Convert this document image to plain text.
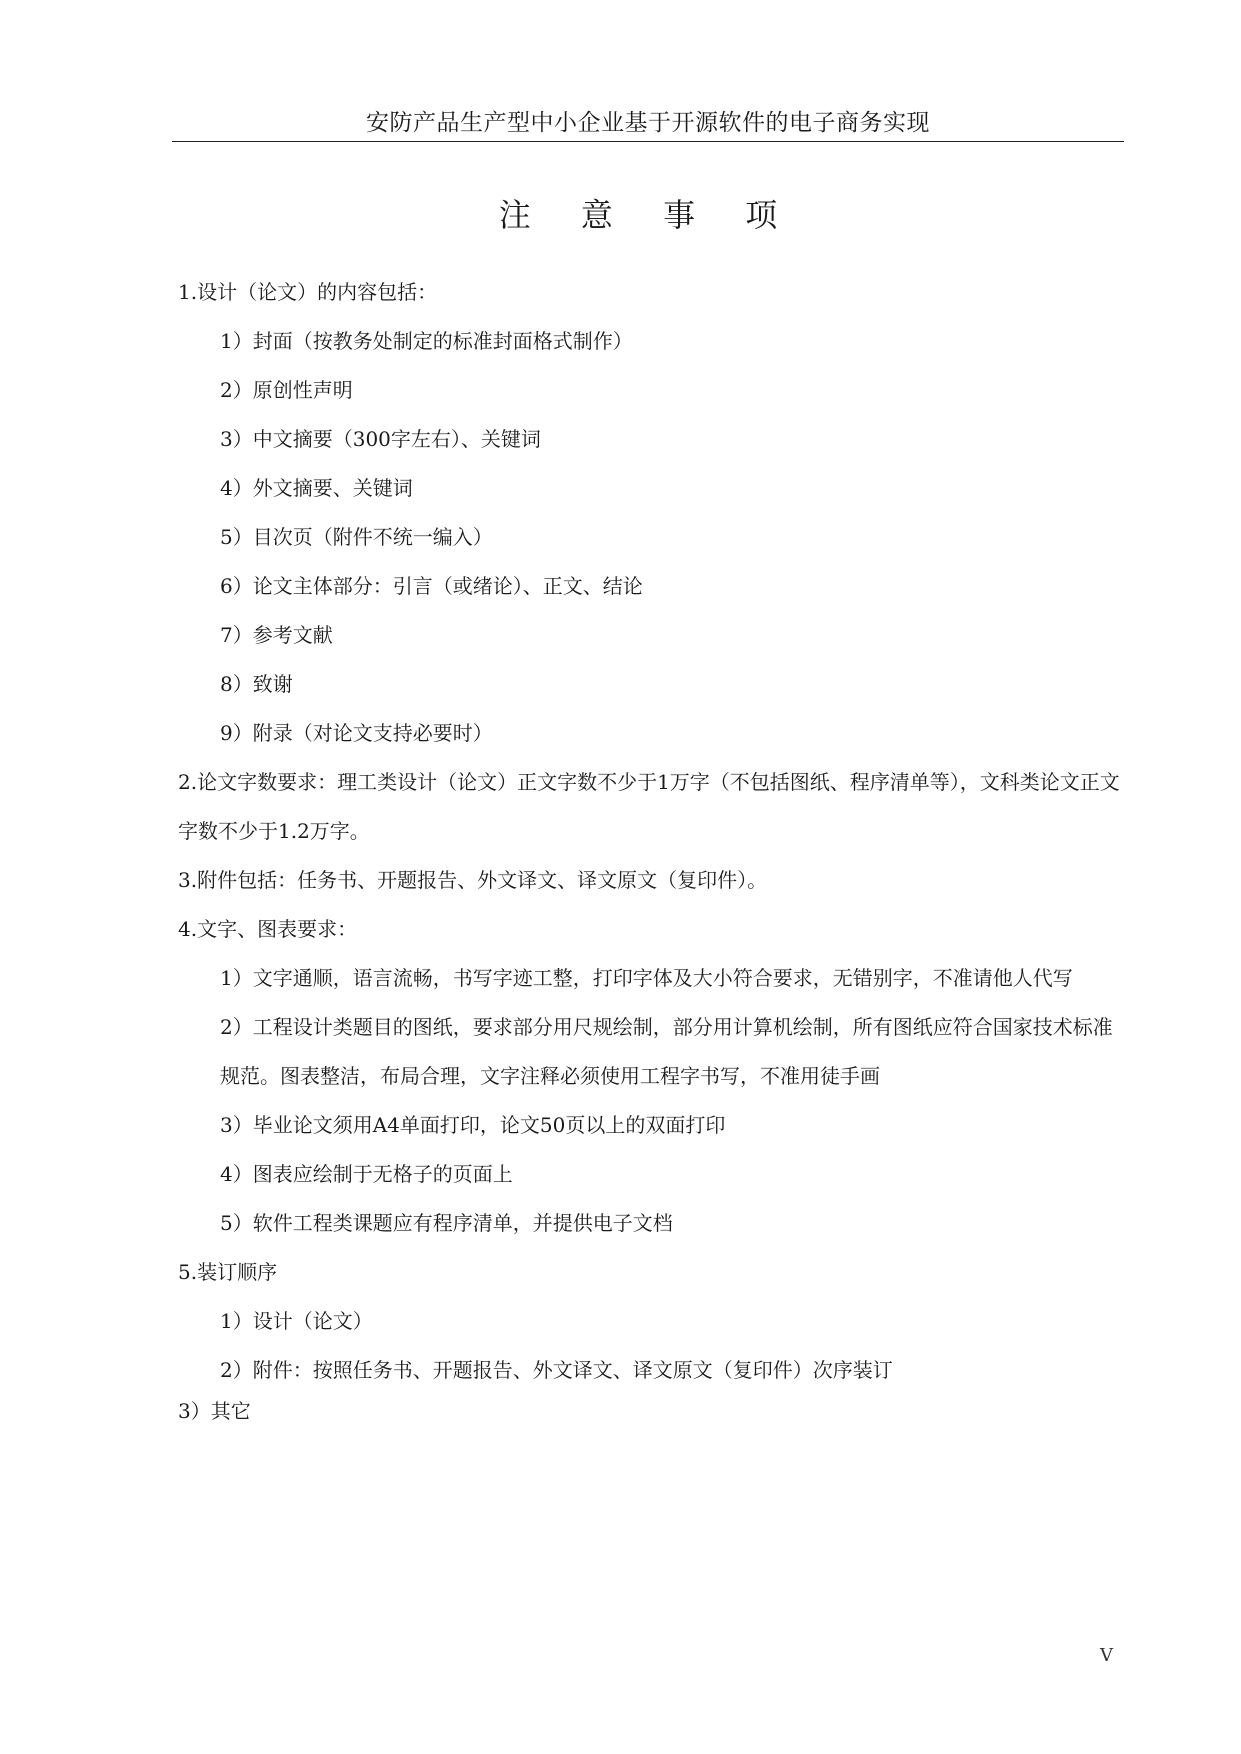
安防产品生产型中小企业基于开源软件的电子商务实现
注 意 事 项

1.设计（论文）的内容包括：

1）封面（按教务处制定的标准封面格式制作）

2）原创性声明

3）中文摘要（300字左右）、关键词

4）外文摘要、关键词

5）目次页（附件不统一编入）

6）论文主体部分：引言（或绪论）、正文、结论

7）参考文献

8）致谢

9）附录（对论文支持必要时）

2.论文字数要求：理工类设计（论文）正文字数不少于1万字（不包括图纸、程序清单等），文科类论文正文字数不少于1.2万字。

3.附件包括：任务书、开题报告、外文译文、译文原文（复印件）。

4.文字、图表要求：

1）文字通顺，语言流畅，书写字迹工整，打印字体及大小符合要求，无错别字，不准请他人代写

2）工程设计类题目的图纸，要求部分用尺规绘制，部分用计算机绘制，所有图纸应符合国家技术标准规范。图表整洁，布局合理，文字注释必须使用工程字书写，不准用徒手画

3）毕业论文须用A4单面打印，论文50页以上的双面打印

4）图表应绘制于无格子的页面上

5）软件工程类课题应有程序清单，并提供电子文档

5.装订顺序

1）设计（论文）

2）附件：按照任务书、开题报告、外文译文、译文原文（复印件）次序装订

3）其它

V
